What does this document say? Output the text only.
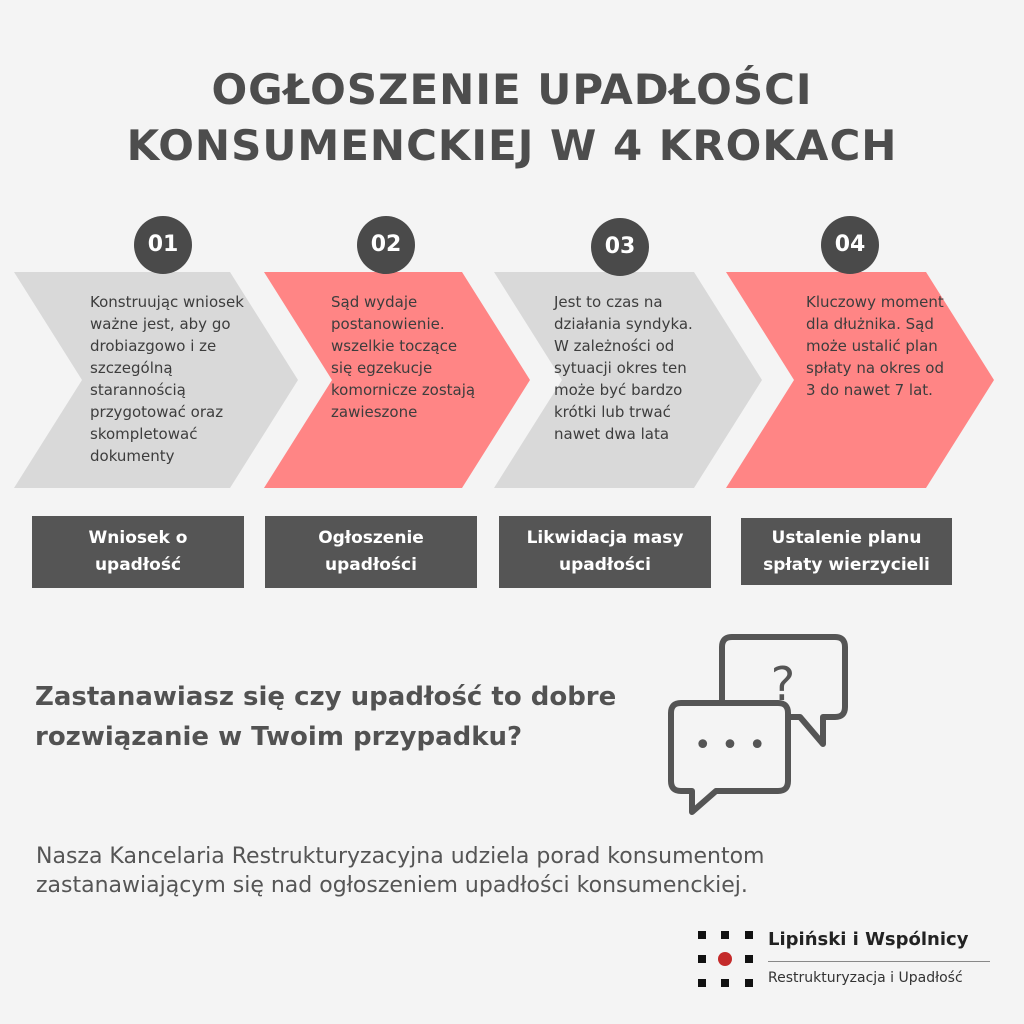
OGŁOSZENIE UPADŁOŚCI
KONSUMENCKIEJ W 4 KROKACH
?
• • •
01	02	03	04
Konstruując wniosek ważne jest, aby go drobiazgowo i ze szczególną starannością przygotować oraz skompletować dokumenty
Sąd wydaje postanowienie. wszelkie toczące się egzekucje komornicze zostają zawieszone
Jest to czas na działania syndyka. W zależności od sytuacji okres ten może być bardzo krótki lub trwać nawet dwa lata
Kluczowy moment dla dłużnika. Sąd może ustalić plan spłaty na okres od 3 do nawet 7 lat.
Wniosek o
upadłość
Ogłoszenie
upadłości
Likwidacja masy
upadłości
Ustalenie planu
spłaty wierzycieli
Zastanawiasz się czy upadłość to dobre rozwiązanie w Twoim przypadku?
Nasza Kancelaria Restrukturyzacyjna udziela porad konsumentom zastanawiającym się nad ogłoszeniem upadłości konsumenckiej.
Lipiński i Wspólnicy
Restrukturyzacja i Upadłość
